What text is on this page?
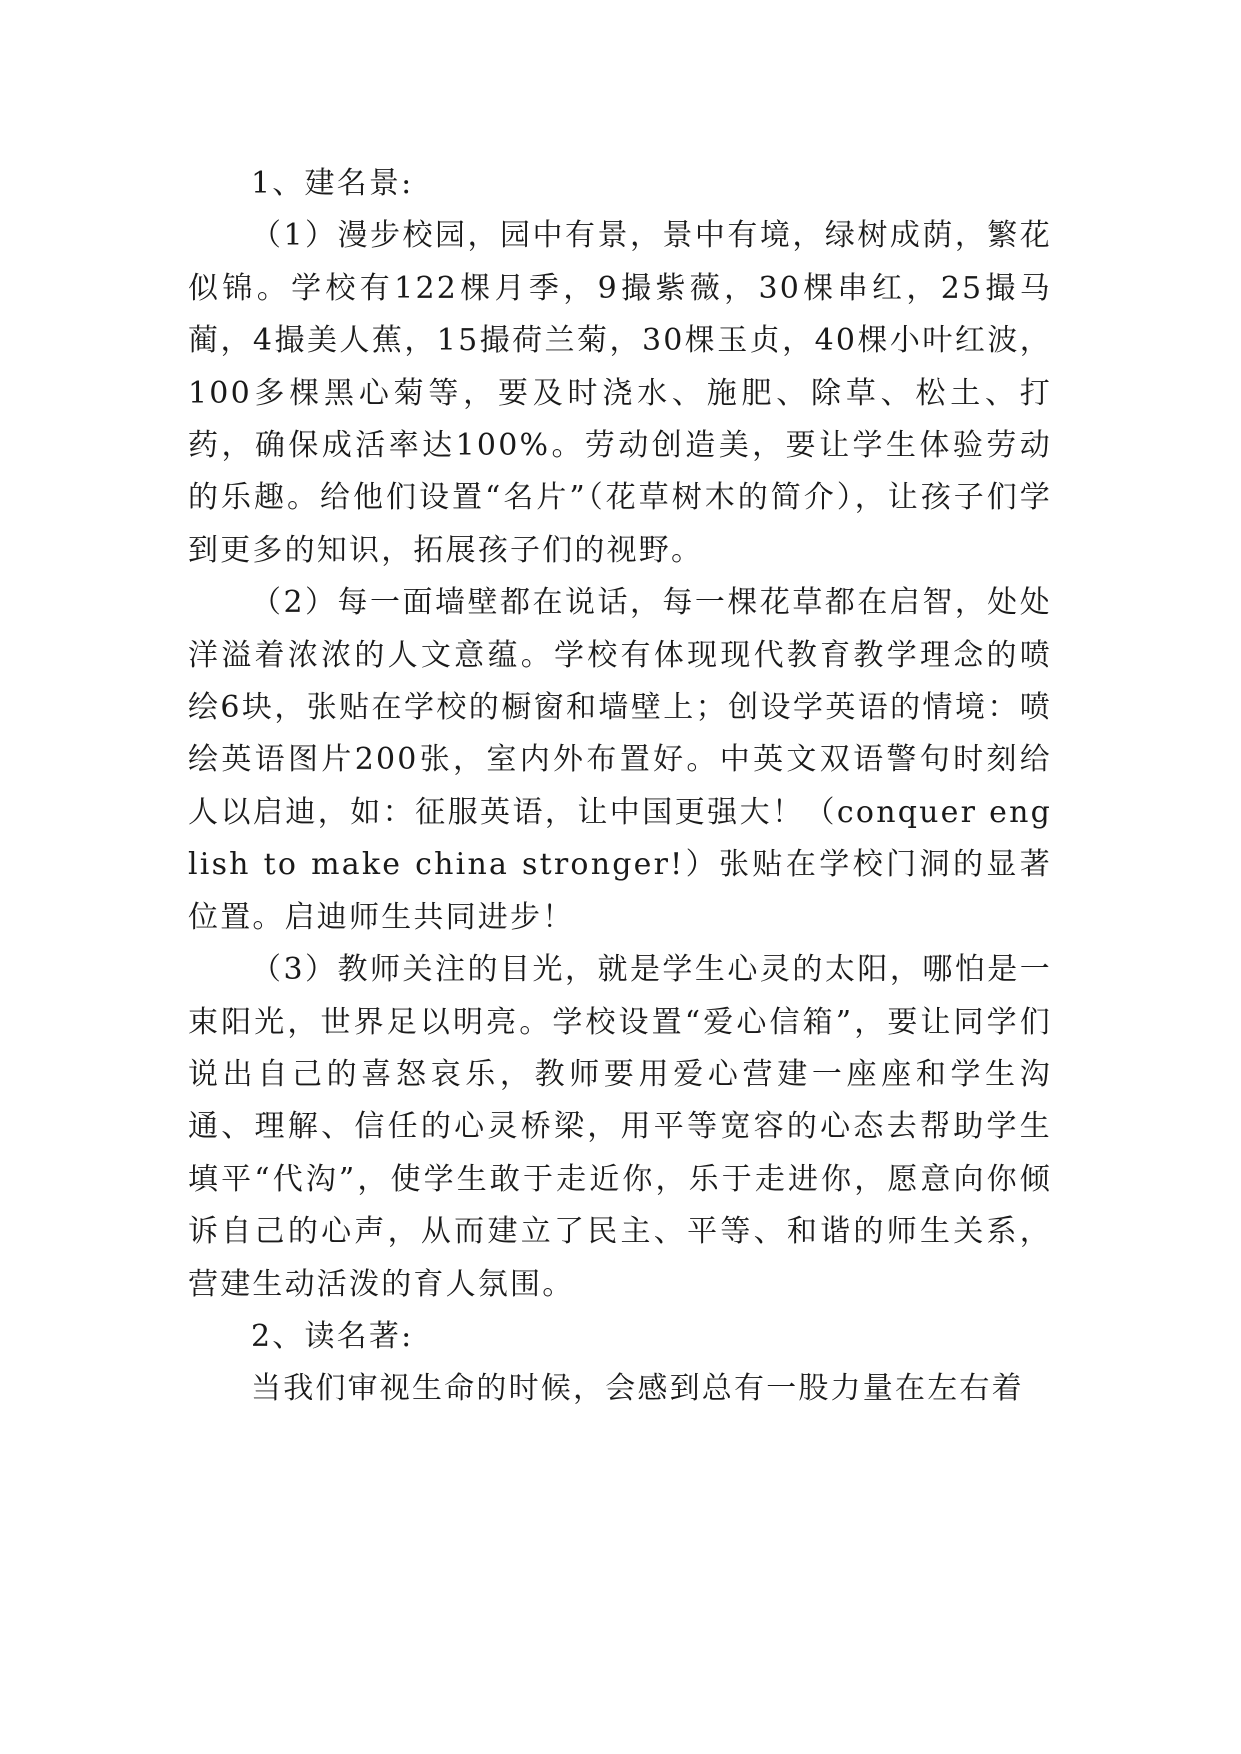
1、建名景:

（1）漫步校园，园中有景，景中有境，绿树成荫，繁花似锦。学校有122棵月季，9撮紫薇，30棵串红，25撮马蔺，4撮美人蕉，15撮荷兰菊，30棵玉贞，40棵小叶红波，100多棵黑心菊等，要及时浇水、施肥、除草、松土、打药，确保成活率达100%。劳动创造美，要让学生体验劳动的乐趣。给他们设置“名片”（花草树木的简介），让孩子们学到更多的知识，拓展孩子们的视野。

（2）每一面墙壁都在说话，每一棵花草都在启智，处处洋溢着浓浓的人文意蕴。学校有体现现代教育教学理念的喷绘6块，张贴在学校的橱窗和墙壁上；创设学英语的情境：喷绘英语图片200张，室内外布置好。中英文双语警句时刻给人以启迪，如：征服英语，让中国更强大！（conquer english to make china stronger!）张贴在学校门洞的显著位置。启迪师生共同进步！

（3）教师关注的目光，就是学生心灵的太阳，哪怕是一束阳光，世界足以明亮。学校设置“爱心信箱”，要让同学们说出自己的喜怒哀乐，教师要用爱心营建一座座和学生沟通、理解、信任的心灵桥梁，用平等宽容的心态去帮助学生填平“代沟”，使学生敢于走近你，乐于走进你，愿意向你倾诉自己的心声，从而建立了民主、平等、和谐的师生关系，营建生动活泼的育人氛围。

2、读名著:

当我们审视生命的时候，会感到总有一股力量在左右着
